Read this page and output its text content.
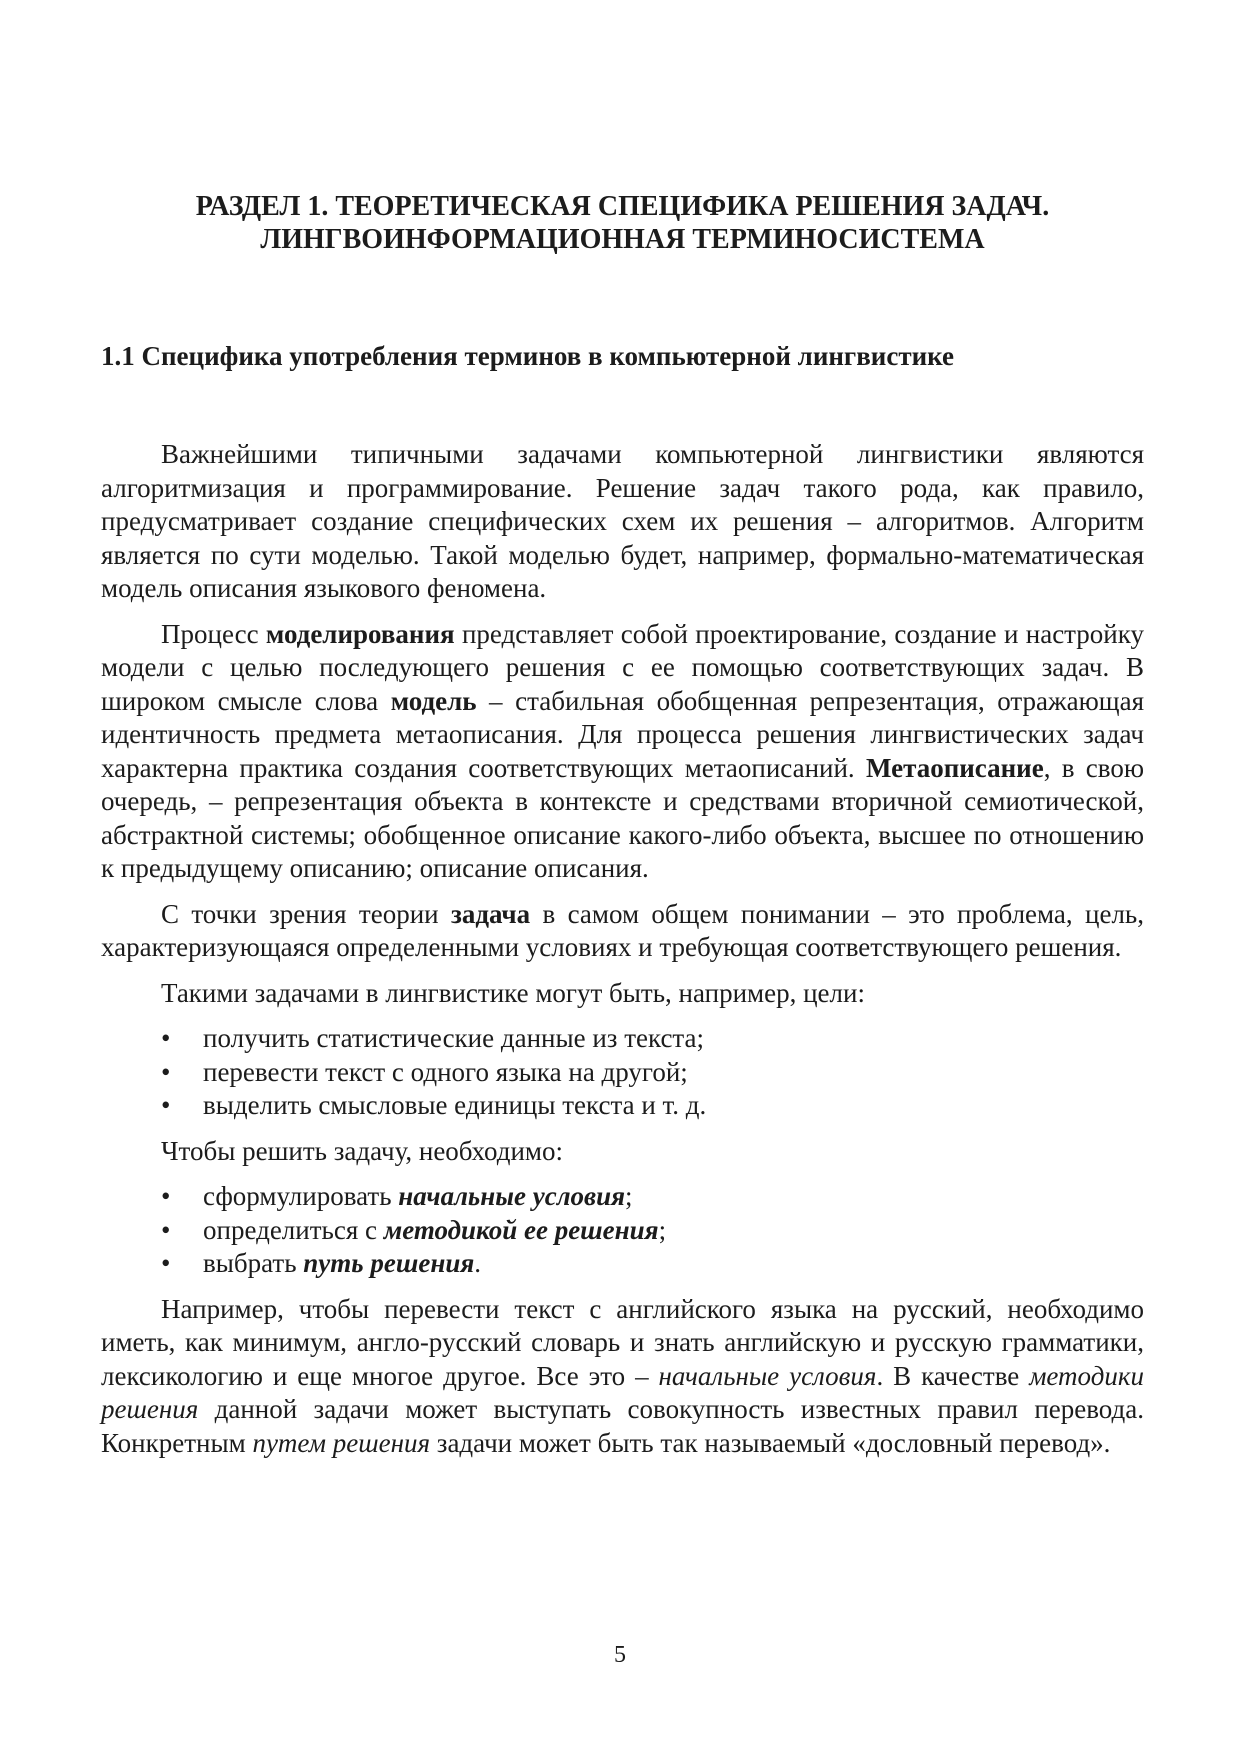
РАЗДЕЛ 1. ТЕОРЕТИЧЕСКАЯ СПЕЦИФИКА РЕШЕНИЯ ЗАДАЧ.
ЛИНГВОИНФОРМАЦИОННАЯ ТЕРМИНОСИСТЕМА
1.1 Специфика употребления терминов в компьютерной лингвистике

Важнейшими типичными задачами компьютерной лингвистики являются алгоритмизация и программирование. Решение задач такого рода, как правило, предусматривает создание специфических схем их решения – алгоритмов. Алгоритм является по сути моделью. Такой моделью будет, например, формально-математическая модель описания языкового феномена.

Процесс моделирования представляет собой проектирование, создание и настройку модели с целью последующего решения с ее помощью соответствующих задач. В широком смысле слова модель – стабильная обобщенная репрезентация, отражающая идентичность предмета метаописания. Для процесса решения лингвистических задач характерна практика создания соответствующих метаописаний. Метаописание, в свою очередь, – репрезентация объекта в контексте и средствами вторичной семиотической, абстрактной системы; обобщенное описание какого-либо объекта, высшее по отношению к предыдущему описанию; описание описания.

С точки зрения теории задача в самом общем понимании – это проблема, цель, характеризующаяся определенными условиях и требующая соответствующего решения.

Такими задачами в лингвистике могут быть, например, цели:

• получить статистические данные из текста;
• перевести текст с одного языка на другой;
• выделить смысловые единицы текста и т. д.

Чтобы решить задачу, необходимо:

• сформулировать начальные условия;
• определиться с методикой ее решения;
• выбрать путь решения.

Например, чтобы перевести текст с английского языка на русский, необходимо иметь, как минимум, англо-русский словарь и знать английскую и русскую грамматики, лексикологию и еще многое другое. Все это – начальные условия. В качестве методики решения данной задачи может выступать совокупность известных правил перевода. Конкретным путем решения задачи может быть так называемый «дословный перевод».

5
